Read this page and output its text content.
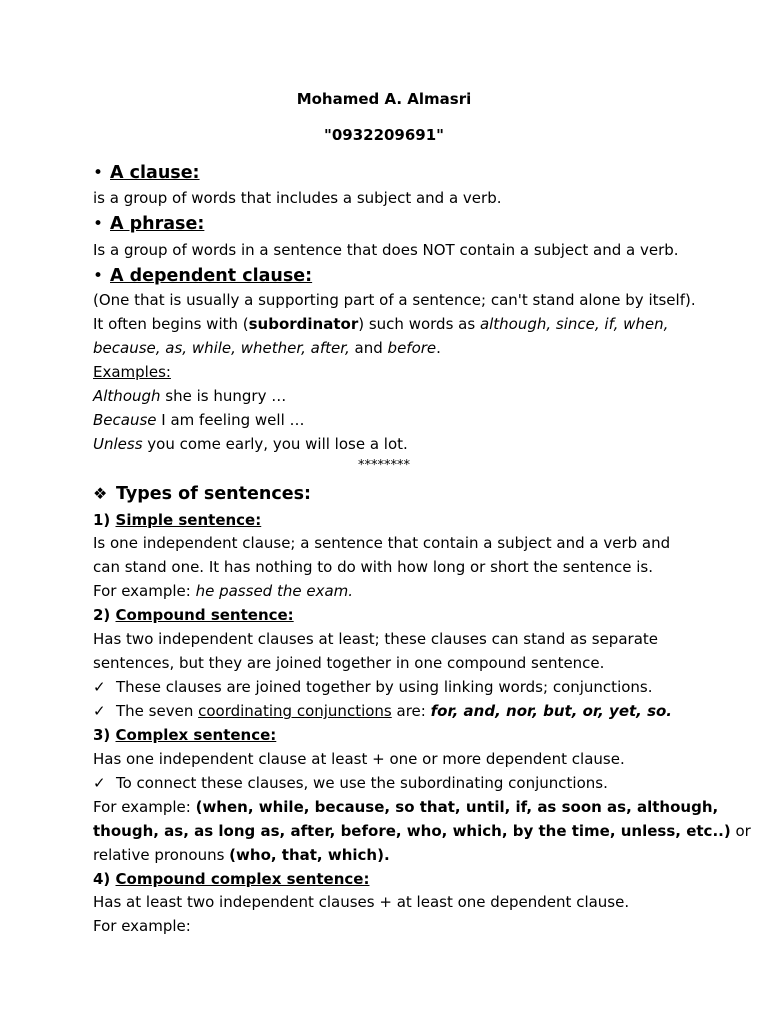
Mohamed A. Almasri
"0932209691"
•A clause:
is a group of words that includes a subject and a verb.
•A phrase:
Is a group of words in a sentence that does NOT contain a subject and a verb.
•A dependent clause:
(One that is usually a supporting part of a sentence; can't stand alone by itself).
It often begins with (subordinator) such words as although, since, if, when,
because, as, while, whether, after, and before.
Examples:
Although she is hungry …
Because I am feeling well …
Unless you come early, you will lose a lot.
********
❖Types of sentences:
1) Simple sentence:
Is one independent clause; a sentence that contain a subject and a verb and
can stand one. It has nothing to do with how long or short the sentence is.
For example: he passed the exam.
2) Compound sentence:
Has two independent clauses at least; these clauses can stand as separate
sentences, but they are joined together in one compound sentence.
✓These clauses are joined together by using linking words; conjunctions.
✓The seven coordinating conjunctions are: for, and, nor, but, or, yet, so.
3) Complex sentence:
Has one independent clause at least + one or more dependent clause.
✓To connect these clauses, we use the subordinating conjunctions.
For example: (when, while, because, so that, until, if, as soon as, although,
though, as, as long as, after, before, who, which, by the time, unless, etc..) or
relative pronouns (who, that, which).
4) Compound complex sentence:
Has at least two independent clauses + at least one dependent clause.
For example:
